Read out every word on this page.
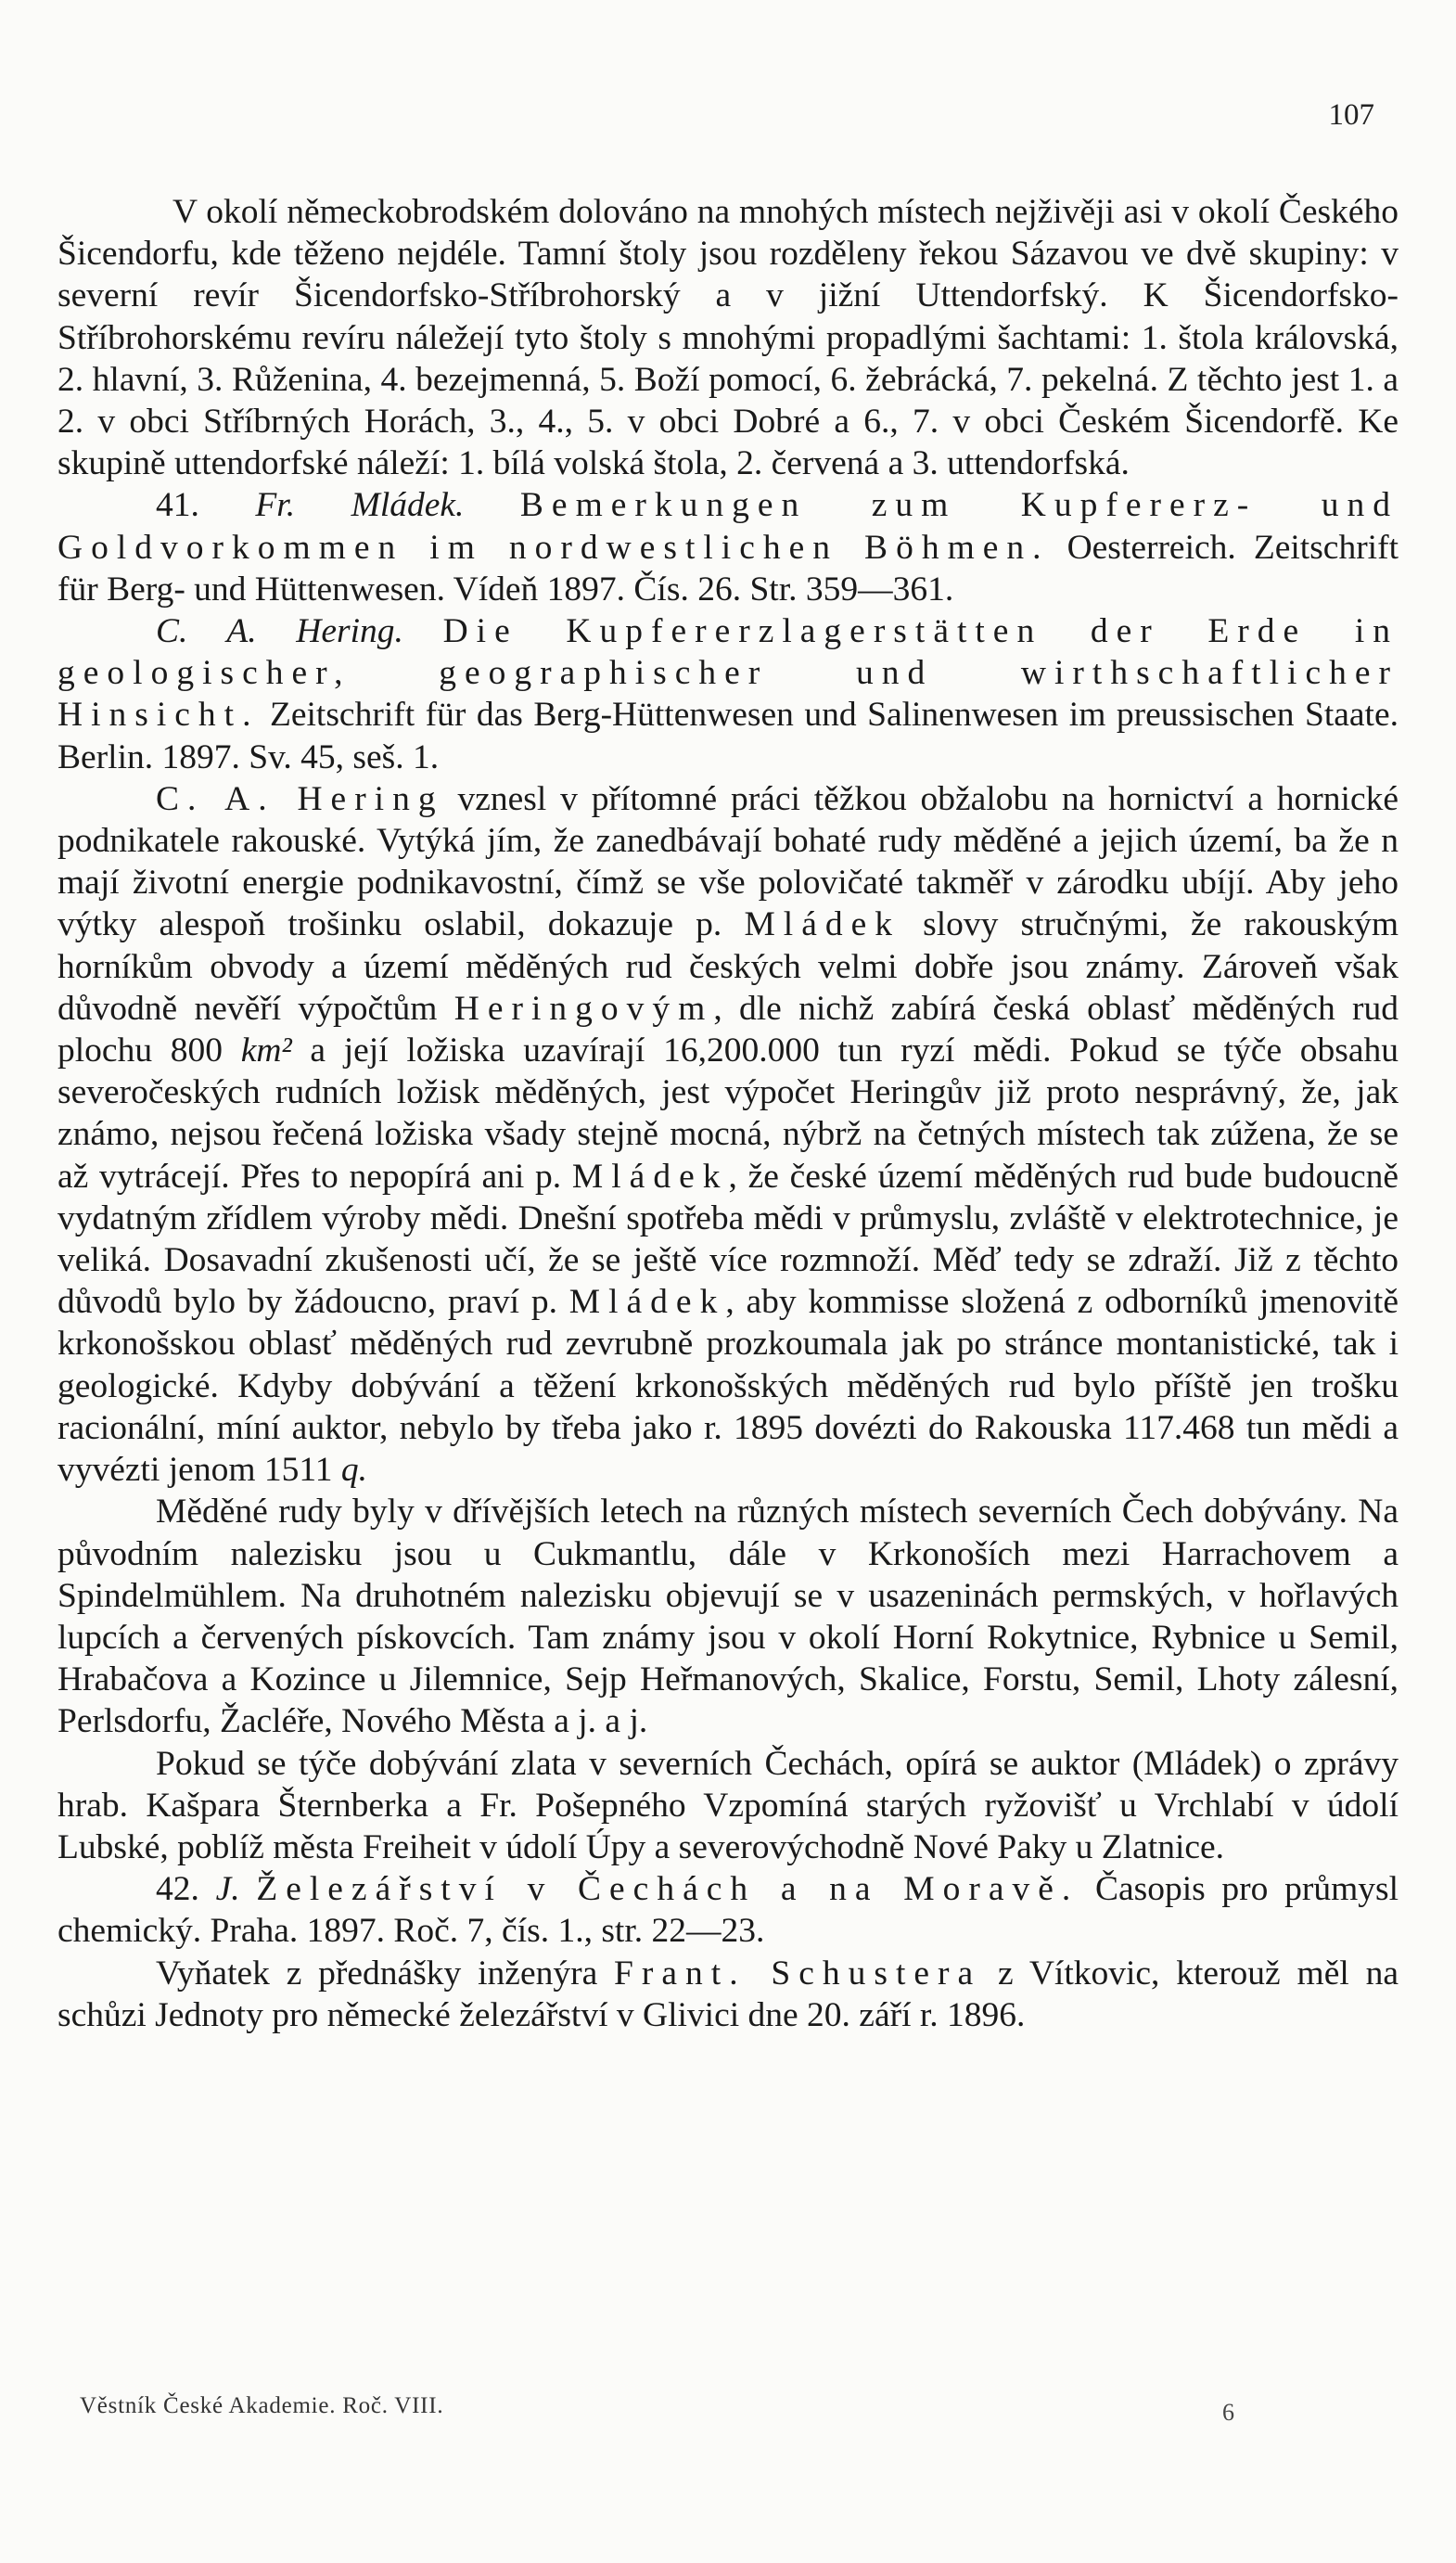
107

V okolí německobrodském dolováno na mnohých místech nejživěji asi v okolí Českého Šicendorfu, kde těženo nejdéle. Tamní štoly jsou rozděleny řekou Sázavou ve dvě skupiny: v severní revír Šicendorfsko-Stříbrohorský a v jižní Uttendorfský. K Šicendorfsko-Stříbrohorskému revíru náležejí tyto štoly s mnohými propadlými šachtami: 1. štola královská, 2. hlavní, 3. Růženina, 4. bezejmenná, 5. Boží pomocí, 6. žebrácká, 7. pekelná. Z těchto jest 1. a 2. v obci Stříbrných Horách, 3., 4., 5. v obci Dobré a 6., 7. v obci Českém Šicendorfě. Ke skupině uttendorfské náleží: 1. bílá volská štola, 2. červená a 3. uttendorfská.

41. Fr. Mládek. Bemerkungen zum Kupfererz- und Goldvorkommen im nordwestlichen Böhmen. Oesterreich. Zeitschrift für Berg- und Hüttenwesen. Vídeň 1897. Čís. 26. Str. 359—361.

C. A. Hering. Die Kupfererzlagerstätten der Erde in geologischer, geographischer und wirthschaftlicher Hinsicht. Zeitschrift für das Berg-Hüttenwesen und Salinenwesen im preussischen Staate. Berlin. 1897. Sv. 45, seš. 1.

C. A. Hering vznesl v přítomné práci těžkou obžalobu na hornictví a hornické podnikatele rakouské. Vytýká jím, že zanedbávají bohaté rudy měděné a jejich území, ba že n mají životní energie podnikavostní, čímž se vše polovičaté takměř v zárodku ubíjí. Aby jeho výtky alespoň trošinku oslabil, dokazuje p. Mládek slovy stručnými, že rakouským horníkům obvody a území měděných rud českých velmi dobře jsou známy. Zároveň však důvodně nevěří výpočtům Heringovým, dle nichž zabírá česká oblasť měděných rud plochu 800 km² a její ložiska uzavírají 16,200.000 tun ryzí mědi. Pokud se týče obsahu severočeských rudních ložisk měděných, jest výpočet Heringův již proto nesprávný, že, jak známo, nejsou řečená ložiska všady stejně mocná, nýbrž na četných místech tak zúžena, že se až vytrácejí. Přes to nepopírá ani p. Mládek, že české území měděných rud bude budoucně vydatným zřídlem výroby mědi. Dnešní spotřeba mědi v průmyslu, zvláště v elektrotechnice, je veliká. Dosavadní zkušenosti učí, že se ještě více rozmnoží. Měď tedy se zdraží. Již z těchto důvodů bylo by žádoucno, praví p. Mládek, aby kommisse složená z odborníků jmenovitě krkonošskou oblasť měděných rud zevrubně prozkoumala jak po stránce montanistické, tak i geologické. Kdyby dobývání a těžení krkonošských měděných rud bylo příště jen trošku racionální, míní auktor, nebylo by třeba jako r. 1895 dovézti do Rakouska 117.468 tun mědi a vyvézti jenom 1511 q.

Měděné rudy byly v dřívějších letech na různých místech severních Čech dobývány. Na původním nalezisku jsou u Cukmantlu, dále v Krkonoších mezi Harrachovem a Spindelmühlem. Na druhotném nalezisku objevují se v usazeninách permských, v hořlavých lupcích a červených pískovcích. Tam známy jsou v okolí Horní Rokytnice, Rybnice u Semil, Hrabačova a Kozince u Jilemnice, Sejp Heřmanových, Skalice, Forstu, Semil, Lhoty zálesní, Perlsdorfu, Žacléře, Nového Města a j. a j.

Pokud se týče dobývání zlata v severních Čechách, opírá se auktor (Mládek) o zprávy hrab. Kašpara Šternberka a Fr. Pošepného Vzpomíná starých ryžovišť u Vrchlabí v údolí Lubské, poblíž města Freiheit v údolí Úpy a severovýchodně Nové Paky u Zlatnice.

42. J. Železářství v Čechách a na Moravě. Časopis pro průmysl chemický. Praha. 1897. Roč. 7, čís. 1., str. 22—23.

Vyňatek z přednášky inženýra Frant. Schustera z Vítkovic, kterouž měl na schůzi Jednoty pro německé železářství v Glivici dne 20. září r. 1896.

Věstník České Akademie. Roč. VIII.	6
